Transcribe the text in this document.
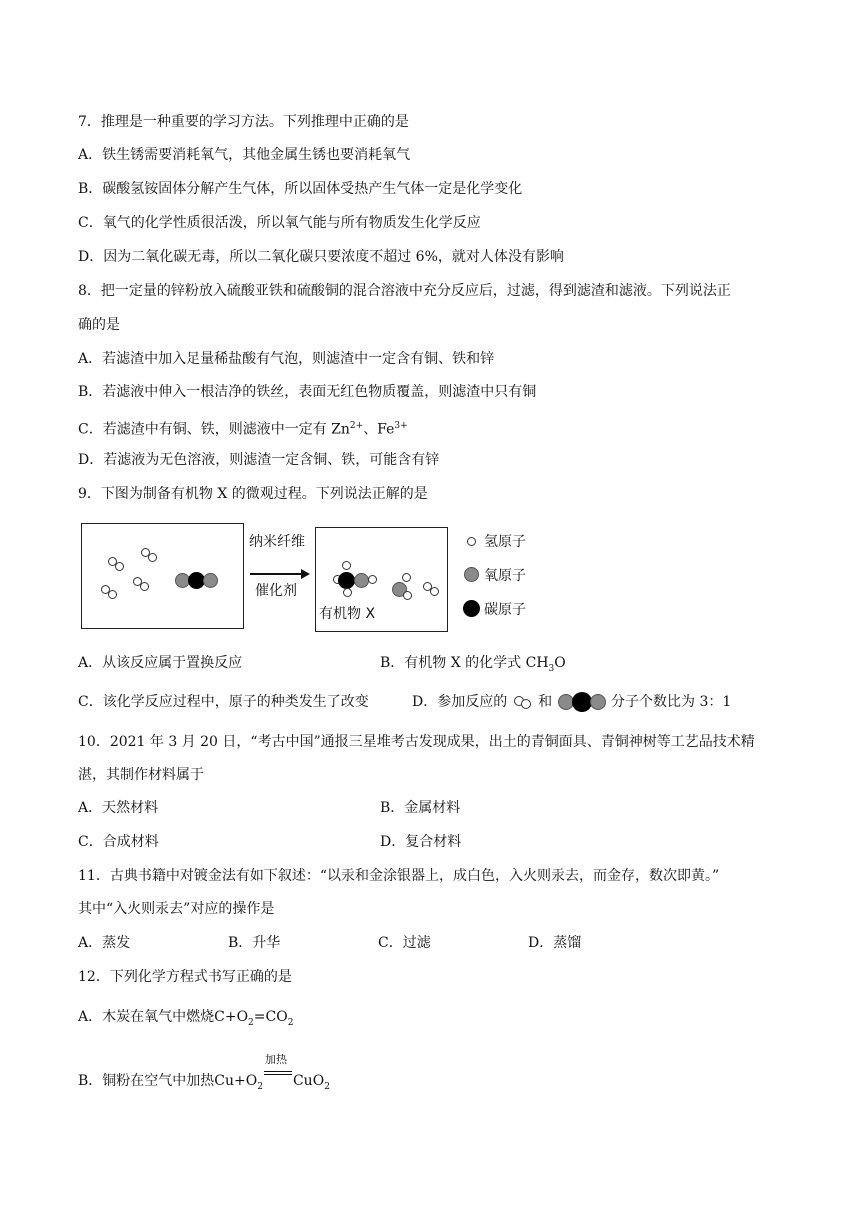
7．推理是一种重要的学习方法。下列推理中正确的是
A．铁生锈需要消耗氧气，其他金属生锈也要消耗氧气
B．碳酸氢铵固体分解产生气体，所以固体受热产生气体一定是化学变化
C．氧气的化学性质很活泼，所以氧气能与所有物质发生化学反应
D．因为二氧化碳无毒，所以二氧化碳只要浓度不超过 6%，就对人体没有影响
8．把一定量的锌粉放入硫酸亚铁和硫酸铜的混合溶液中充分反应后，过滤，得到滤渣和滤液。下列说法正
确的是
A．若滤渣中加入足量稀盐酸有气泡，则滤渣中一定含有铜、铁和锌
B．若滤液中伸入一根洁净的铁丝，表面无红色物质覆盖，则滤渣中只有铜
C．若滤渣中有铜、铁，则滤液中一定有 $Zn^{2+}$、$Fe^{3+}$
D．若滤液为无色溶液，则滤渣一定含铜、铁，可能含有锌
9．下图为制备有机物 X 的微观过程。下列说法正解的是
纳米纤维
催化剂
有机物 X
氢原子
氧原子
碳原子
A．从该反应属于置换反应	B．有机物 X 的化学式 $CH_3O$
C．该化学反应过程中，原子的种类发生了改变	D．参加反应的 和	分子个数比为 3：1
10．2021 年 3 月 20 日，“考古中国”通报三星堆考古发现成果，出土的青铜面具、青铜神树等工艺品技术精
湛，其制作材料属于
A．天然材料	B．金属材料
C．合成材料	D．复合材料
11．古典书籍中对镀金法有如下叙述：“以汞和金涂银器上，成白色，入火则汞去，而金存，数次即黄。”
其中“入火则汞去”对应的操作是
A．蒸发	B．升华	C．过滤	D．蒸馏
12．下列化学方程式书写正确的是
A．木炭在氧气中燃烧$C+O_2=CO_2$
B．铜粉在空气中加热$Cu+O_2$
加热
CuO$_2$
